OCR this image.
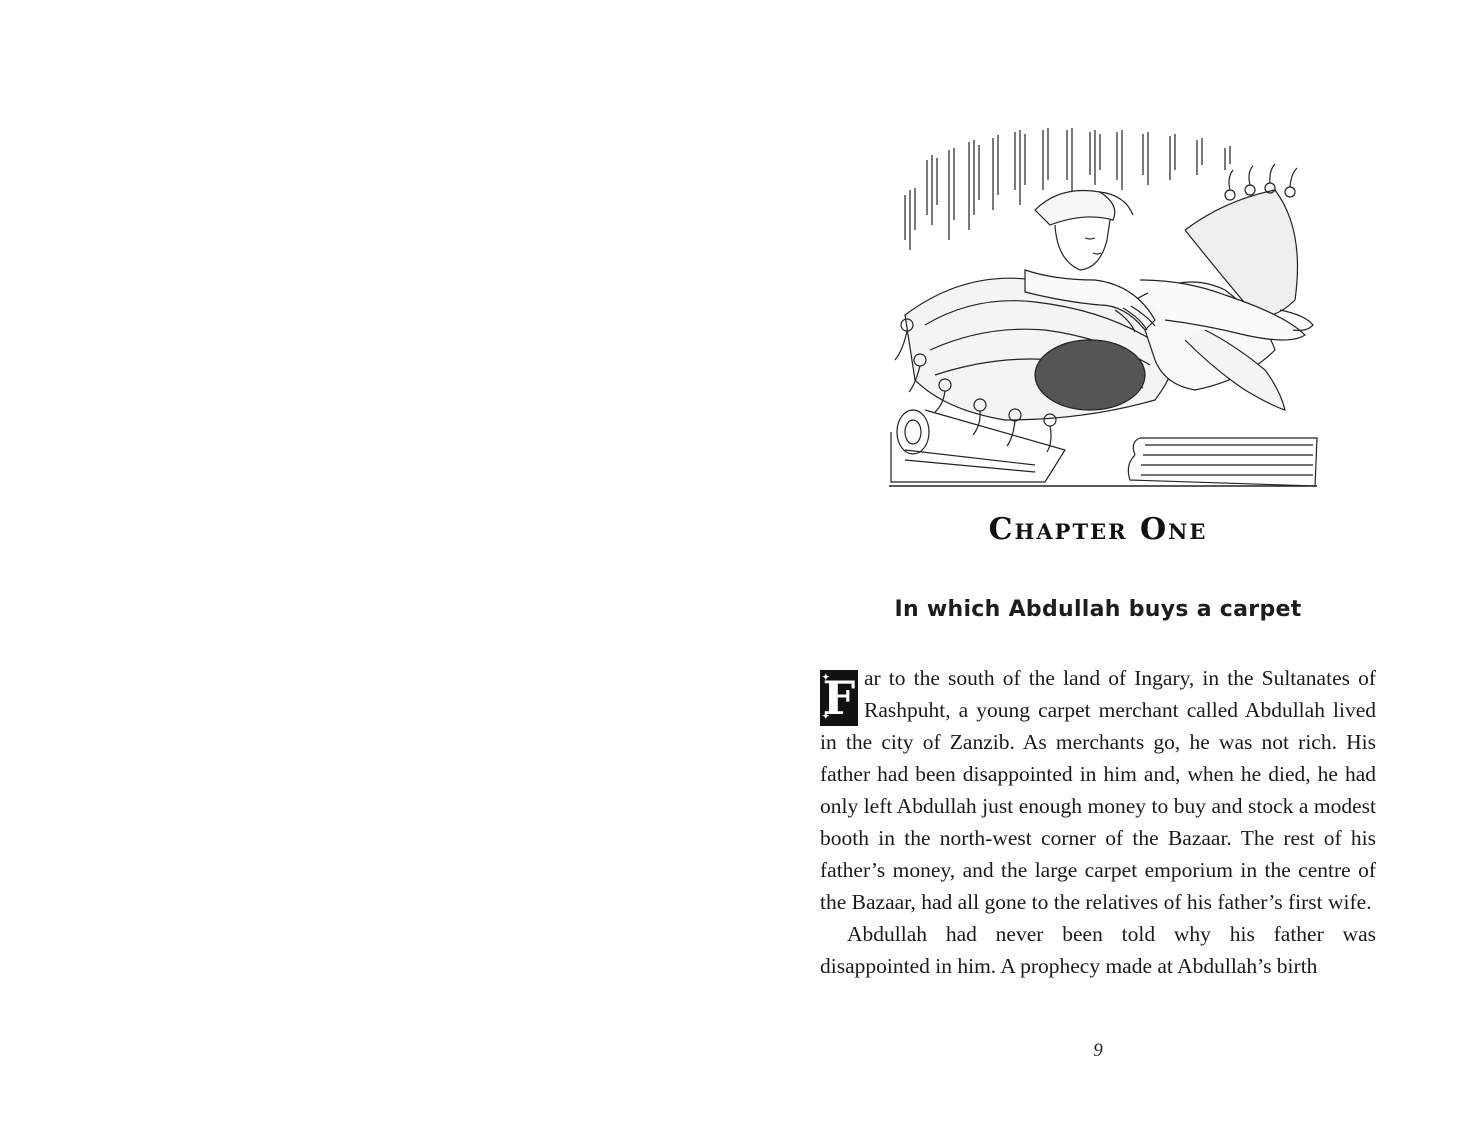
Chapter One
In which Abdullah buys a carpet

✦ F ✦ ar to the south of the land of Ingary, in the Sultanates of Rashpuht, a young carpet merchant called Abdullah lived in the city of Zanzib. As merchants go, he was not rich. His father had been disappointed in him and, when he died, he had only left Abdullah just enough money to buy and stock a modest booth in the north-west corner of the Bazaar. The rest of his father’s money, and the large carpet emporium in the centre of the Bazaar, had all gone to the relatives of his father’s first wife.

Abdullah had never been told why his father was disappointed in him. A prophecy made at Abdullah’s birth

9
